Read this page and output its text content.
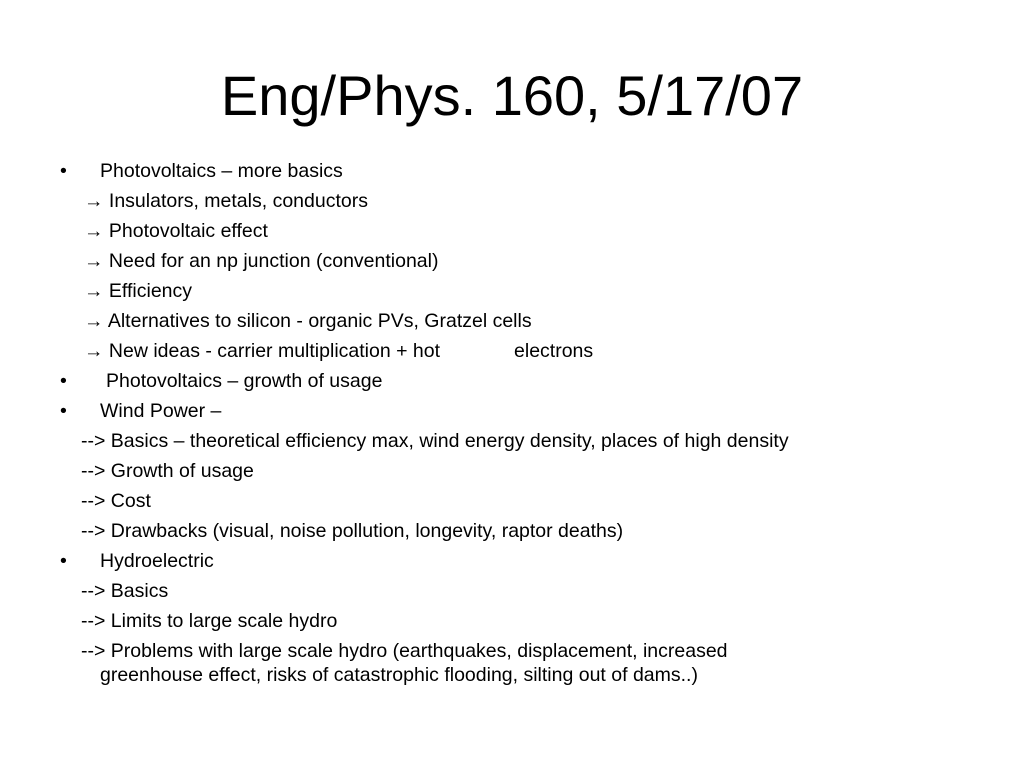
Eng/Phys. 160, 5/17/07
• Photovoltaics – more basics
→ Insulators, metals, conductors
→ Photovoltaic effect
→ Need for an np junction (conventional)
→ Efficiency
→ Alternatives to silicon - organic PVs, Gratzel cells
→ New ideas - carrier multiplication + hot	electrons
• Photovoltaics – growth of usage
• Wind Power –
--> Basics – theoretical efficiency max, wind energy density, places of high density
--> Growth of usage
--> Cost
--> Drawbacks (visual, noise pollution, longevity, raptor deaths)
• Hydroelectric
--> Basics
--> Limits to large scale hydro
--> Problems with large scale hydro (earthquakes, displacement, increased
greenhouse effect, risks of catastrophic flooding, silting out of dams..)
